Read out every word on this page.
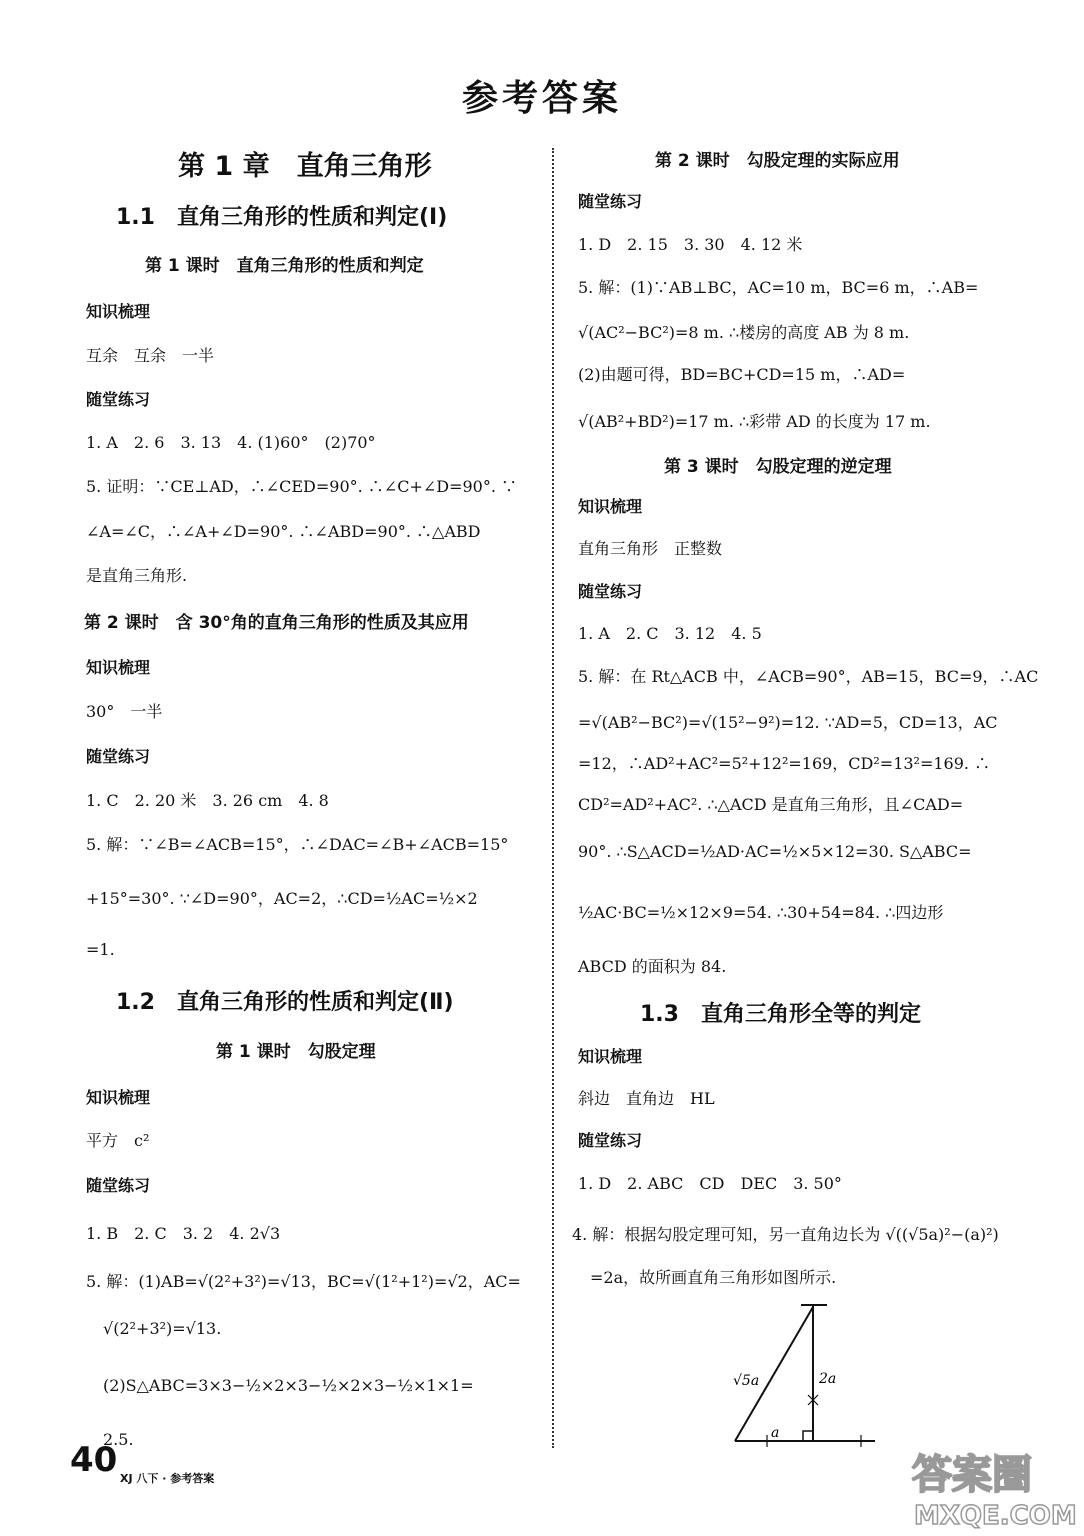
参考答案
第 1 章　直角三角形
1.1　直角三角形的性质和判定(Ⅰ)
第 1 课时　直角三角形的性质和判定
知识梳理
互余　互余　一半
随堂练习
1. A　2. 6　3. 13　4. (1)60°　(2)70°
5. 证明：∵CE⊥AD，∴∠CED=90°. ∴∠C+∠D=90°. ∵
∠A=∠C，∴∠A+∠D=90°. ∴∠ABD=90°. ∴△ABD
是直角三角形.
第 2 课时　含 30°角的直角三角形的性质及其应用
知识梳理
30°　一半
随堂练习
1. C　2. 20 米　3. 26 cm　4. 8
5. 解：∵∠B=∠ACB=15°，∴∠DAC=∠B+∠ACB=15°
+15°=30°. ∵∠D=90°，AC=2，∴CD=½AC=½×2
=1.
1.2　直角三角形的性质和判定(Ⅱ)
第 1 课时　勾股定理
知识梳理
平方　c²
随堂练习
1. B　2. C　3. 2　4. 2√3
5. 解：(1)AB=√(2²+3²)=√13，BC=√(1²+1²)=√2，AC=
√(2²+3²)=√13.
(2)S△ABC=3×3−½×2×3−½×2×3−½×1×1=
2.5.
第 2 课时　勾股定理的实际应用
随堂练习
1. D　2. 15　3. 30　4. 12 米
5. 解：(1)∵AB⊥BC，AC=10 m，BC=6 m，∴AB=
√(AC²−BC²)=8 m. ∴楼房的高度 AB 为 8 m.
(2)由题可得，BD=BC+CD=15 m，∴AD=
√(AB²+BD²)=17 m. ∴彩带 AD 的长度为 17 m.
第 3 课时　勾股定理的逆定理
知识梳理
直角三角形　正整数
随堂练习
1. A　2. C　3. 12　4. 5
5. 解：在 Rt△ACB 中，∠ACB=90°，AB=15，BC=9，∴AC
=√(AB²−BC²)=√(15²−9²)=12. ∵AD=5，CD=13，AC
=12，∴AD²+AC²=5²+12²=169，CD²=13²=169. ∴
CD²=AD²+AC². ∴△ACD 是直角三角形，且∠CAD=
90°. ∴S△ACD=½AD·AC=½×5×12=30. S△ABC=
½AC·BC=½×12×9=54. ∴30+54=84. ∴四边形
ABCD 的面积为 84.
1.3　直角三角形全等的判定
知识梳理
斜边　直角边　HL
随堂练习
1. D　2. ABC　CD　DEC　3. 50°
4. 解：根据勾股定理可知，另一直角边长为 √((√5a)²−(a)²)
=2a，故所画直角三角形如图所示.
√5a	2a
a
40 XJ 八下 · 参考答案	答案圈
MXQE.COM
